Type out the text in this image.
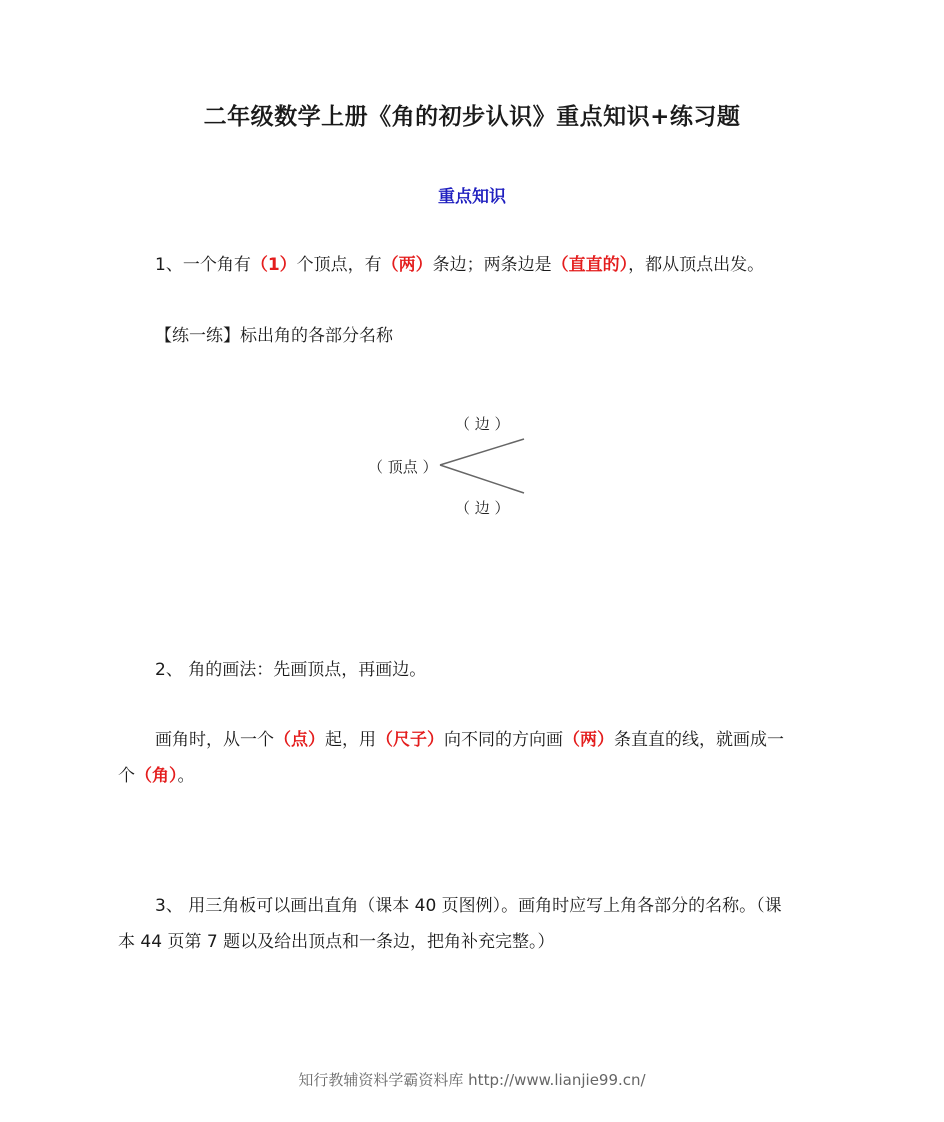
二年级数学上册《角的初步认识》重点知识+练习题
重点知识
1、一个角有（1）个顶点，有（两）条边；两条边是（直直的），都从顶点出发。
【练一练】标出角的各部分名称
（ 边 ）
（ 顶点 ）
（ 边 ）
2、 角的画法：先画顶点，再画边。
画角时，从一个（点）起，用（尺子）向不同的方向画（两）条直直的线，就画成一
个（角）。
3、 用三角板可以画出直角（课本 40 页图例）。画角时应写上角各部分的名称。（课
本 44 页第 7 题以及给出顶点和一条边，把角补充完整。）
知行教辅资料学霸资料库 http://www.lianjie99.cn/
